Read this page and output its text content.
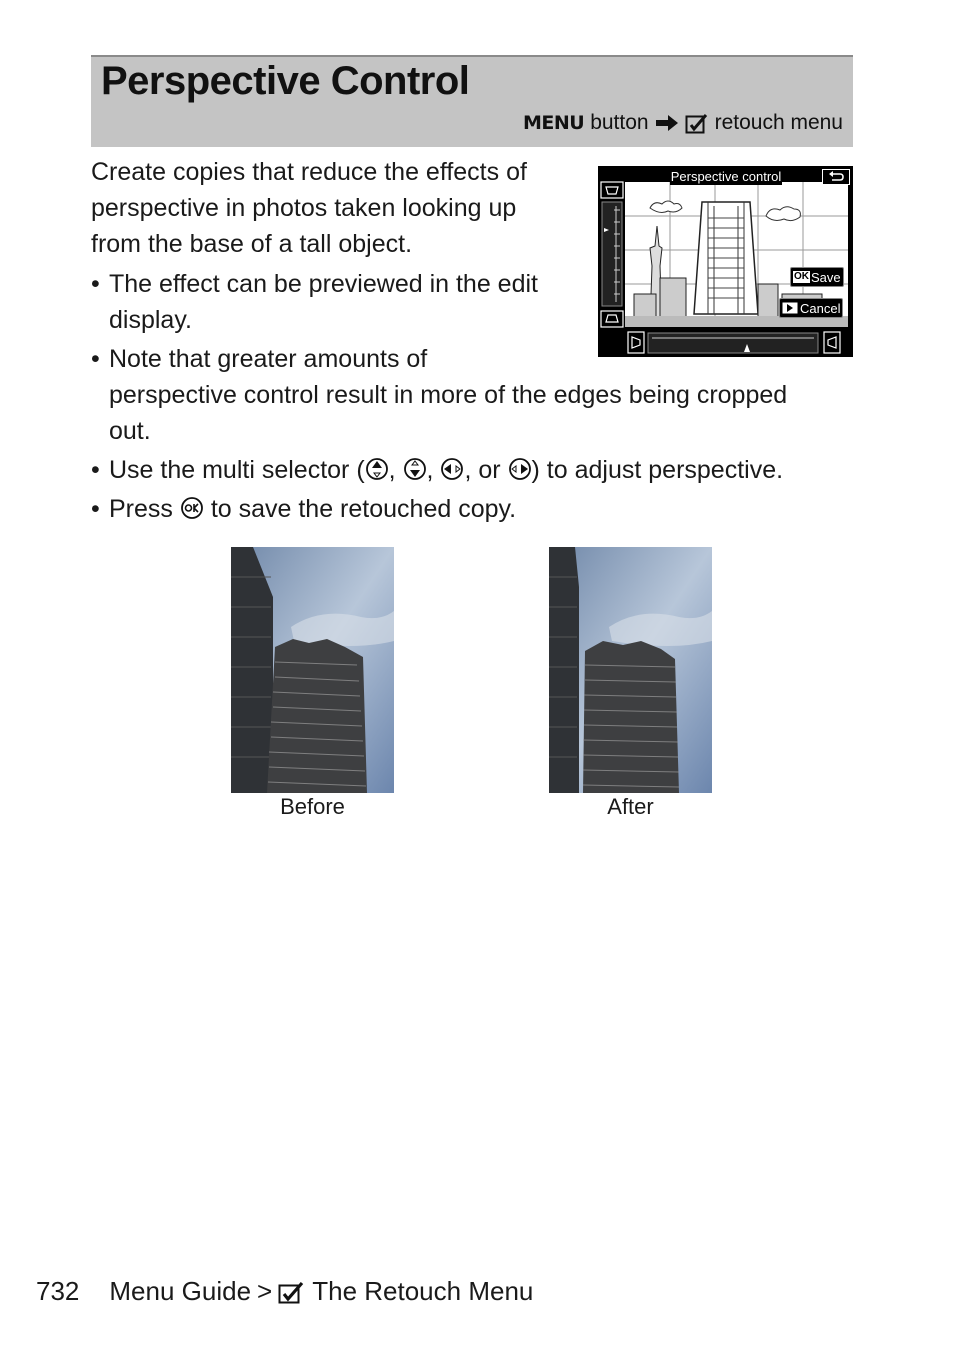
Perspective Control
MENU button	retouch menu
Create copies that reduce the effects of
perspective in photos taken looking up
from the base of a tall object.
• The effect can be previewed in the edit
display.
• Note that greater amounts of
perspective control result in more of the edges being cropped
out.
• Use the multi selector ( , , , or ) to adjust perspective.
• Press to save the retouched copy.
Perspective control
OK Save
Cancel
Before	After
732 Menu Guide > The Retouch Menu
